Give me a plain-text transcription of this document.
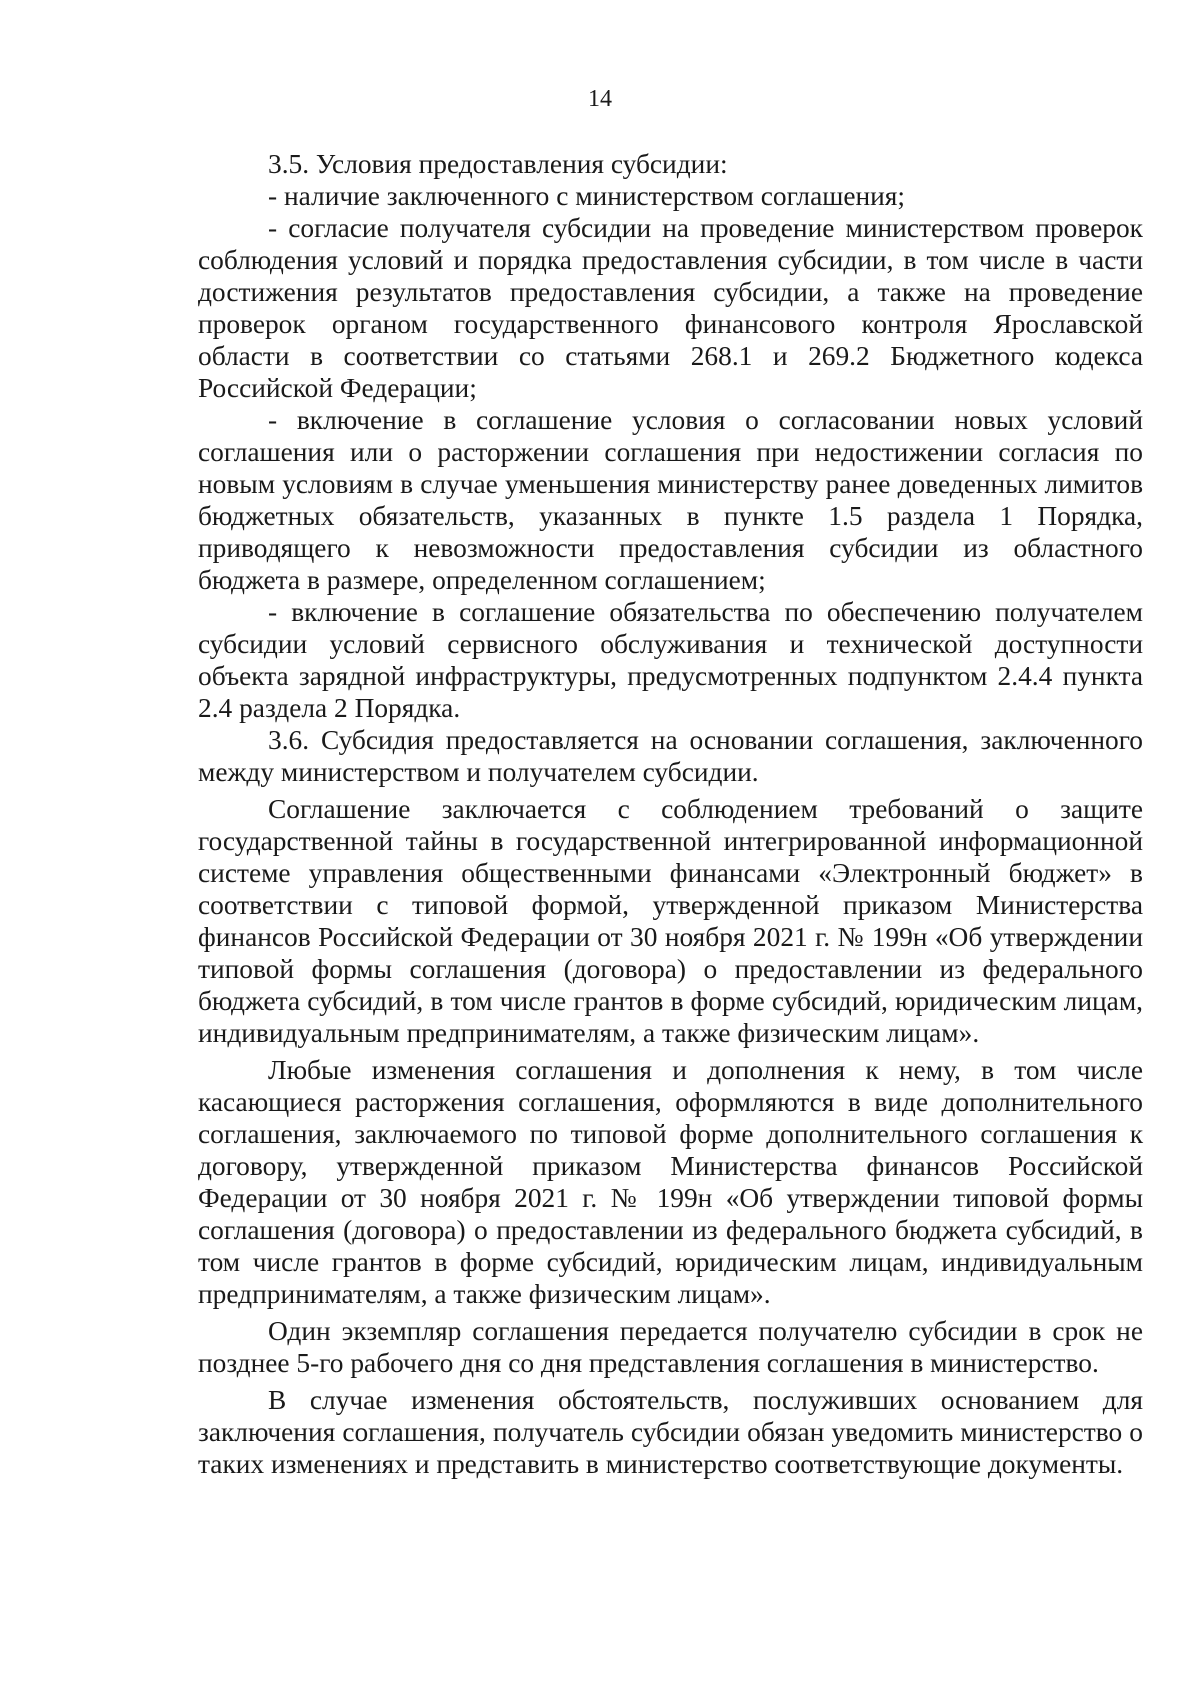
14

3.5. Условия предоставления субсидии:

- наличие заключенного с министерством соглашения;

- согласие получателя субсидии на проведение министерством проверок соблюдения условий и порядка предоставления субсидии, в том числе в части достижения результатов предоставления субсидии, а также на проведение проверок органом государственного финансового контроля Ярославской области в соответствии со статьями 268.1 и 269.2 Бюджетного кодекса Российской Федерации;

- включение в соглашение условия о согласовании новых условий соглашения или о расторжении соглашения при недостижении согласия по новым условиям в случае уменьшения министерству ранее доведенных лимитов бюджетных обязательств, указанных в пункте 1.5 раздела 1 Порядка, приводящего к невозможности предоставления субсидии из областного бюджета в размере, определенном соглашением;

- включение в соглашение обязательства по обеспечению получателем субсидии условий сервисного обслуживания и технической доступности объекта зарядной инфраструктуры, предусмотренных подпунктом 2.4.4 пункта 2.4 раздела 2 Порядка.

3.6. Субсидия предоставляется на основании соглашения, заключенного между министерством и получателем субсидии.

Соглашение заключается с соблюдением требований о защите государственной тайны в государственной интегрированной информационной системе управления общественными финансами «Электронный бюджет» в соответствии с типовой формой, утвержденной приказом Министерства финансов Российской Федерации от 30 ноября 2021 г. № 199н «Об утверждении типовой формы соглашения (договора) о предоставлении из федерального бюджета субсидий, в том числе грантов в форме субсидий, юридическим лицам, индивидуальным предпринимателям, а также физическим лицам».

Любые изменения соглашения и дополнения к нему, в том числе касающиеся расторжения соглашения, оформляются в виде дополнительного соглашения, заключаемого по типовой форме дополнительного соглашения к договору, утвержденной приказом Министерства финансов Российской Федерации от 30 ноября 2021 г. № 199н «Об утверждении типовой формы соглашения (договора) о предоставлении из федерального бюджета субсидий, в том числе грантов в форме субсидий, юридическим лицам, индивидуальным предпринимателям, а также физическим лицам».

Один экземпляр соглашения передается получателю субсидии в срок не позднее 5-го рабочего дня со дня представления соглашения в министерство.

В случае изменения обстоятельств, послуживших основанием для заключения соглашения, получатель субсидии обязан уведомить министерство о таких изменениях и представить в министерство соответствующие документы.
